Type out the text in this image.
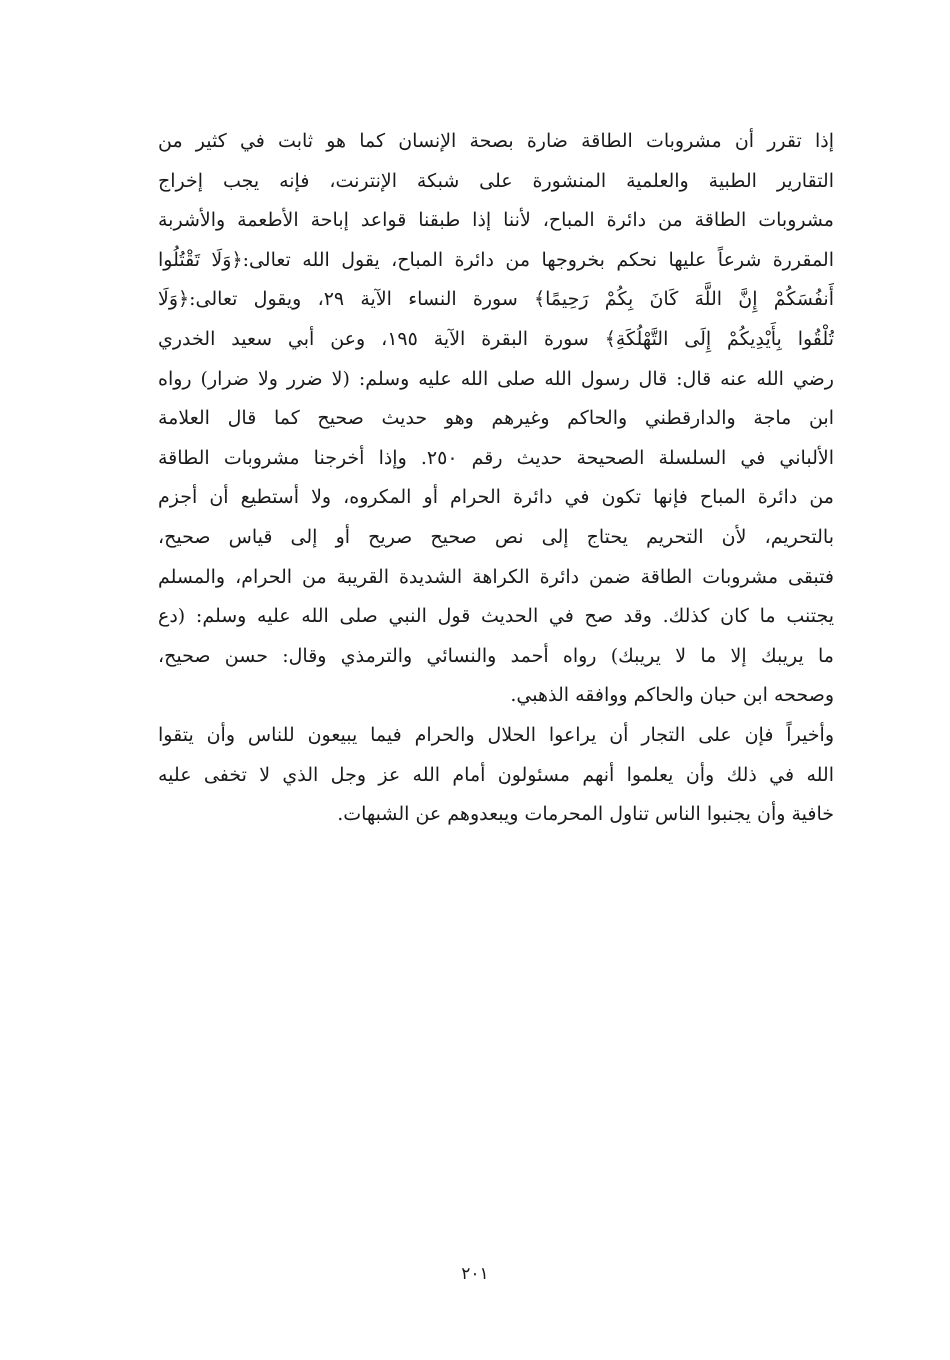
إذا تقرر أن مشروبات الطاقة ضارة بصحة الإنسان كما هو ثابت في كثير من
التقارير الطبية والعلمية المنشورة على شبكة الإنترنت، فإنه يجب إخراج
مشروبات الطاقة من دائرة المباح، لأننا إذا طبقنا قواعد إباحة الأطعمة والأشربة
المقررة شرعاً عليها نحكم بخروجها من دائرة المباح، يقول الله تعالى:﴿وَلَا تَقْتُلُوا
أَنفُسَكُمْ إِنَّ اللَّهَ كَانَ بِكُمْ رَحِيمًا﴾ سورة النساء الآية ٢٩، ويقول تعالى:﴿وَلَا
تُلْقُوا بِأَيْدِيكُمْ إِلَى التَّهْلُكَةِ﴾ سورة البقرة الآية ١٩٥، وعن أبي سعيد الخدري
رضي الله عنه قال: قال رسول الله صلى الله عليه وسلم: (لا ضرر ولا ضرار) رواه
ابن ماجة والدارقطني والحاكم وغيرهم وهو حديث صحيح كما قال العلامة
الألباني في السلسلة الصحيحة حديث رقم ٢٥٠. وإذا أخرجنا مشروبات الطاقة
من دائرة المباح فإنها تكون في دائرة الحرام أو المكروه، ولا أستطيع أن أجزم
بالتحريم، لأن التحريم يحتاج إلى نص صحيح صريح أو إلى قياس صحيح،
فتبقى مشروبات الطاقة ضمن دائرة الكراهة الشديدة القريبة من الحرام، والمسلم
يجتنب ما كان كذلك. وقد صح في الحديث قول النبي صلى الله عليه وسلم: (دع
ما يريبك إلا ما لا يريبك) رواه أحمد والنسائي والترمذي وقال: حسن صحيح،
وصححه ابن حبان والحاكم ووافقه الذهبي.
وأخيراً فإن على التجار أن يراعوا الحلال والحرام فيما يبيعون للناس وأن يتقوا
الله في ذلك وأن يعلموا أنهم مسئولون أمام الله عز وجل الذي لا تخفى عليه
خافية وأن يجنبوا الناس تناول المحرمات ويبعدوهم عن الشبهات.
٢٠١
